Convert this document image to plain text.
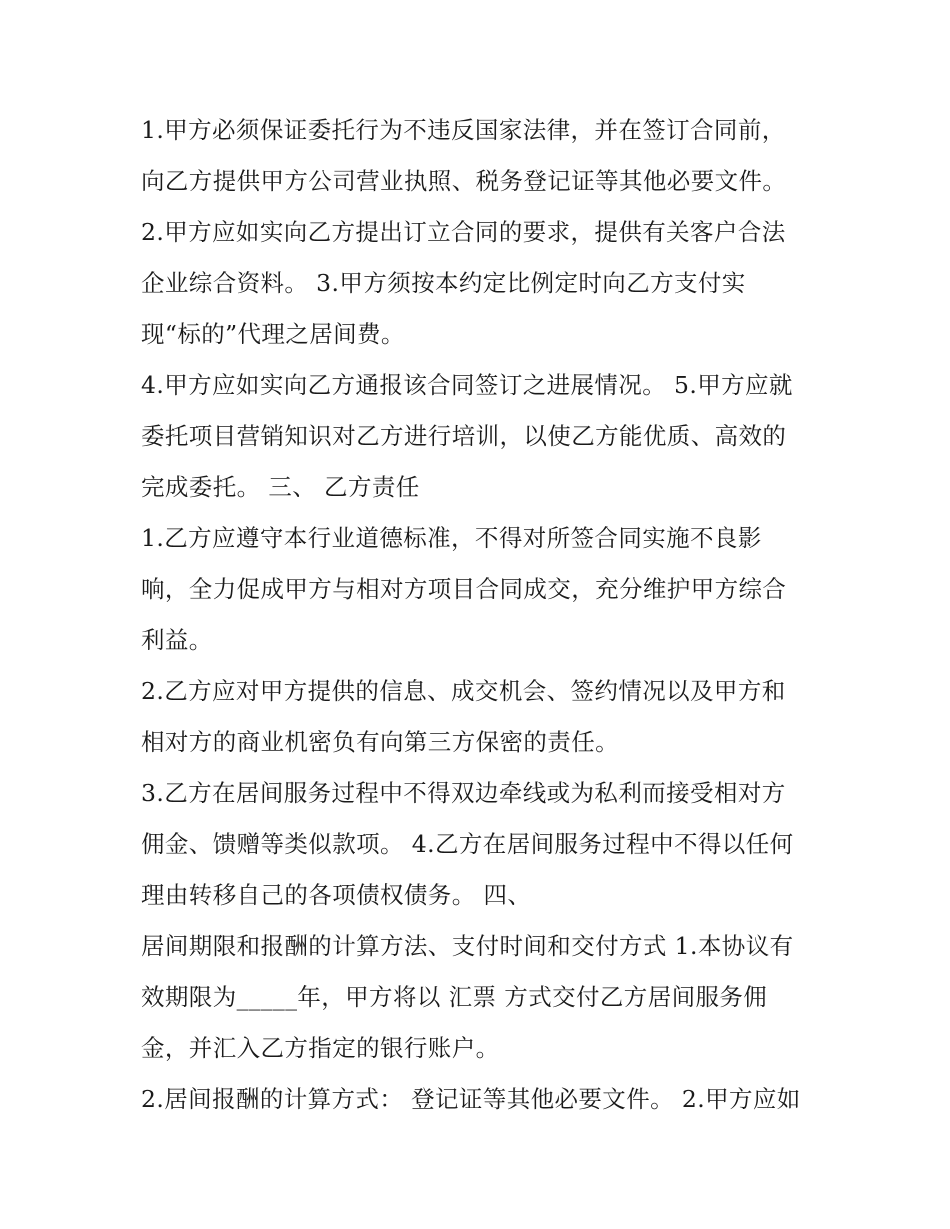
1.甲方必须保证委托行为不违反国家法律，并在签订合同前，
向乙方提供甲方公司营业执照、税务登记证等其他必要文件。
2.甲方应如实向乙方提出订立合同的要求，提供有关客户合法
企业综合资料。 3.甲方须按本约定比例定时向乙方支付实
现“标的”代理之居间费。
4.甲方应如实向乙方通报该合同签订之进展情况。 5.甲方应就
委托项目营销知识对乙方进行培训，以使乙方能优质、高效的
完成委托。 三、 乙方责任
1.乙方应遵守本行业道德标准，不得对所签合同实施不良影
响，全力促成甲方与相对方项目合同成交，充分维护甲方综合
利益。
2.乙方应对甲方提供的信息、成交机会、签约情况以及甲方和
相对方的商业机密负有向第三方保密的责任。
3.乙方在居间服务过程中不得双边牵线或为私利而接受相对方
佣金、馈赠等类似款项。 4.乙方在居间服务过程中不得以任何
理由转移自己的各项债权债务。 四、
居间期限和报酬的计算方法、支付时间和交付方式 1.本协议有
效期限为_____年，甲方将以 汇票 方式交付乙方居间服务佣
金，并汇入乙方指定的银行账户。
2.居间报酬的计算方式： 登记证等其他必要文件。 2.甲方应如
